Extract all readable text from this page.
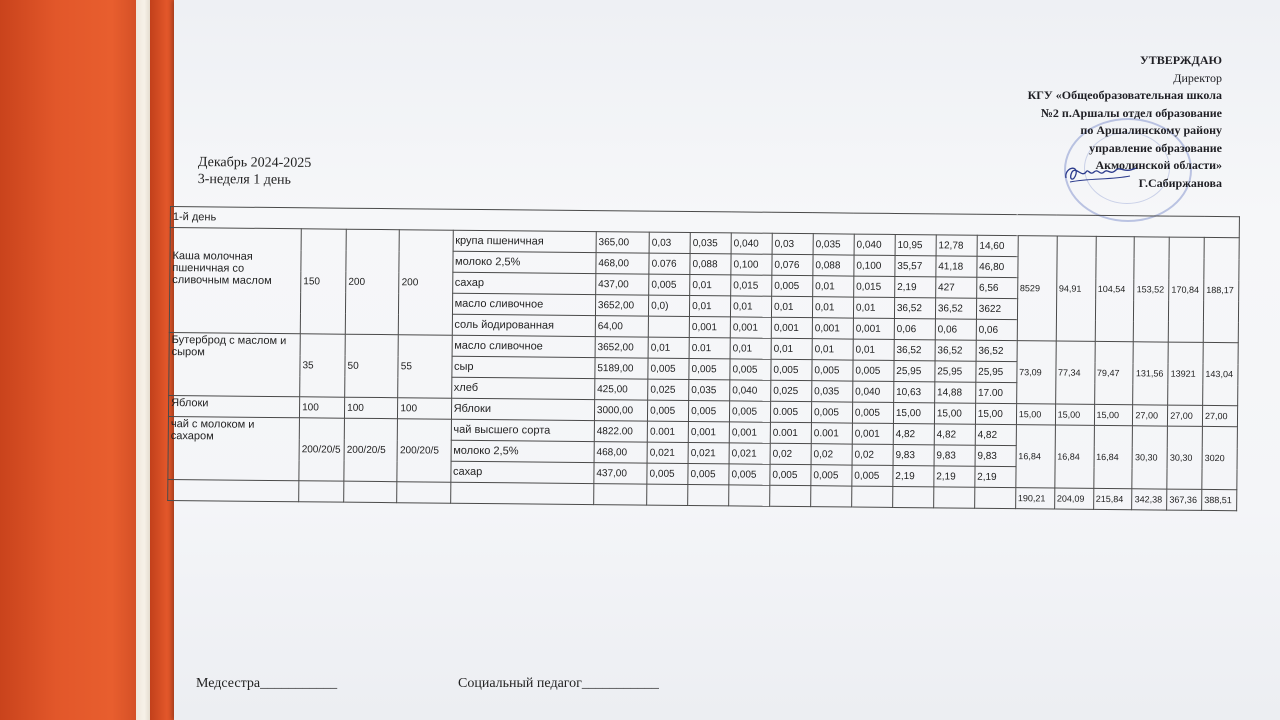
УТВЕРЖДАЮ
Директор
КГУ «Общеобразовательная школа
№2 п.Аршалы отдел образование
по Аршалинскому району
управление образование
Акмолинской области»
Г.Сабиржанова
Декабрь 2024-2025
3-неделя 1 день
1-й день																				
Каша молочная пшеничная со сливочным маслом	150	200	200	крупа пшеничная	365,00	0,03	0,035	0,040	0,03	0,035	0,040	10,95	12,78	14,60	8529	94,91	104,54	153,52	170,84	188,17
				молоко 2,5%	468,00	0.076	0,088	0,100	0,076	0,088	0,100	35,57	41,18	46,80						
				сахар	437,00	0,005	0,01	0,015	0,005	0,01	0,015	2,19	427	6,56						
				масло сливочное	3652,00	0,0)	0,01	0,01	0,01	0,01	0,01	36,52	36,52	3622						
				соль йодированная	64,00		0,001	0,001	0,001	0,001	0,001	0,06	0,06	0,06						
Бутерброд с маслом и сыром	35	50	55	масло сливочное	3652,00	0,01	0.01	0,01	0,01	0,01	0,01	36,52	36,52	36,52	73,09	77,34	79,47	131,56	13921	143,04
				сыр	5189,00	0,005	0,005	0,005	0,005	0,005	0,005	25,95	25,95	25,95						
				хлеб	425,00	0,025	0,035	0,040	0,025	0,035	0,040	10,63	14,88	17.00						
Яблоки	100	100	100	Яблоки	3000,00	0,005	0,005	0,005	0.005	0,005	0,005	15,00	15,00	15,00	15,00	15,00	15,00	27,00	27,00	27,00
чай с молоком и сахаром	200/20/5	200/20/5	200/20/5	чай высшего сорта	4822.00	0.001	0,001	0,001	0.001	0.001	0,001	4,82	4,82	4,82	16,84	16,84	16,84	30,30	30,30	3020
				молоко 2,5%	468,00	0,021	0,021	0,021	0,02	0,02	0,02	9,83	9,83	9,83						
				сахар	437,00	0,005	0,005	0,005	0,005	0,005	0,005	2,19	2,19	2,19						
															190,21	204,09	215,84	342,38	367,36	388,51
Медсестра___________	Социальный педагог___________
